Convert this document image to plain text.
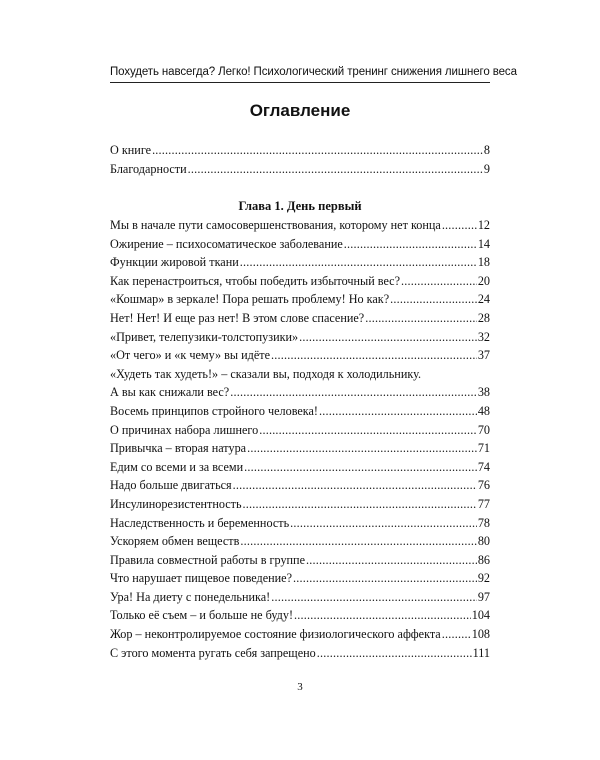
Похудеть навсегда? Легко! Психологический тренинг снижения лишнего веса
Оглавление
О книге .....	8
Благодарности .....	9
Глава 1. День первый
Мы в начале пути самосовершенствования, которому нет конца .....	12
Ожирение – психосоматическое заболевание .....	14
Функции жировой ткани .....	18
Как перенастроиться, чтобы победить избыточный вес? .....	20
«Кошмар» в зеркале! Пора решать проблему! Но как? .....	24
Нет! Нет! И еще раз нет! В этом слове спасение? .....	28
«Привет, телепузики-толстопузики» .....	32
«От чего» и «к чему» вы идёте .....	37
«Худеть так худеть!» – сказали вы, подходя к холодильнику.
А вы как снижали вес? .....	38
Восемь принципов стройного человека! .....	48
О причинах набора лишнего .....	70
Привычка – вторая натура .....	71
Едим со всеми и за всеми .....	74
Надо больше двигаться .....	76
Инсулинорезистентность .....	77
Наследственность и беременность .....	78
Ускоряем обмен веществ .....	80
Правила совместной работы в группе .....	86
Что нарушает пищевое поведение? .....	92
Ура! На диету с понедельника! .....	97
Только её съем – и больше не буду! .....	104
Жор – неконтролируемое состояние физиологического аффекта .....	108
С этого момента ругать себя запрещено .....	111
3
